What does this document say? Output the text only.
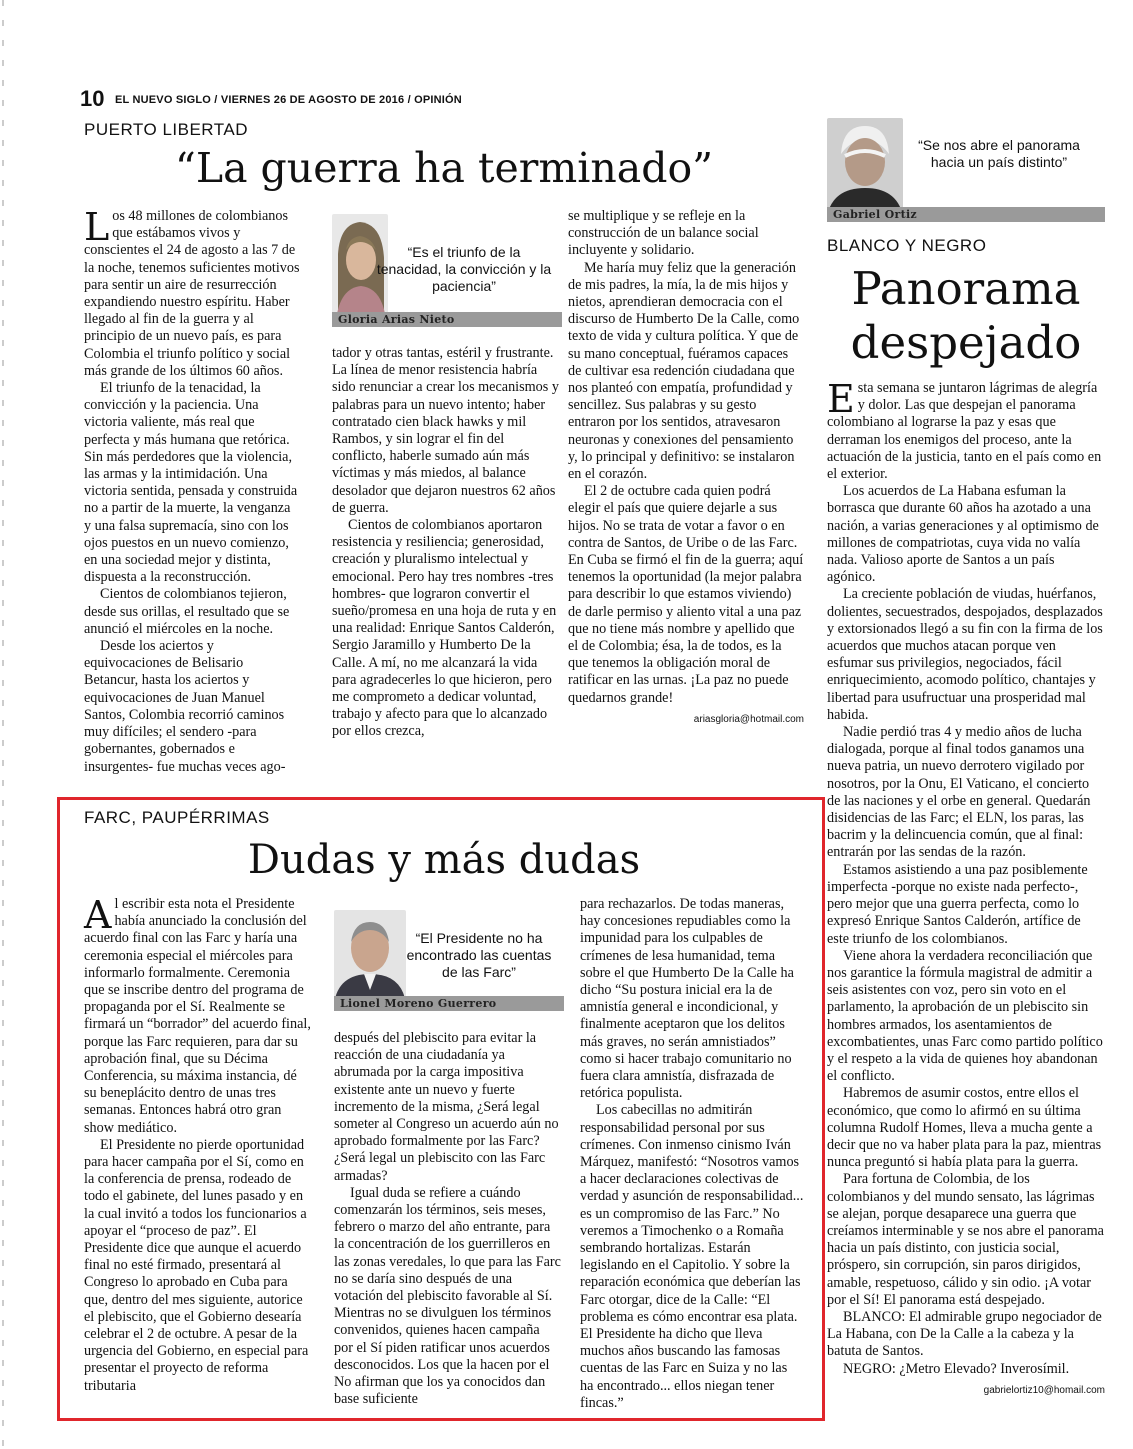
10 EL NUEVO SIGLO / VIERNES 26 DE AGOSTO DE 2016 / OPINIÓN
PUERTO LIBERTAD
“La guerra ha terminado”

Los 48 millones de colombianos que estábamos vivos y conscientes el 24 de agosto a las 7 de la noche, tenemos suficientes motivos para sentir un aire de resurrección expandiendo nuestro espíritu. Haber llegado al fin de la guerra y al principio de un nuevo país, es para Colombia el triunfo político y social más grande de los últimos 60 años.

El triunfo de la tenacidad, la convicción y la paciencia. Una victoria valiente, más real que perfecta y más humana que retórica. Sin más perdedores que la violencia, las armas y la intimidación. Una victoria sentida, pensada y construida no a partir de la muerte, la venganza y una falsa supremacía, sino con los ojos puestos en un nuevo comienzo, en una sociedad mejor y distinta, dispuesta a la reconstrucción.

Cientos de colombianos tejieron, desde sus orillas, el resultado que se anunció el miércoles en la noche.

Desde los aciertos y equivocaciones de Belisario Betancur, hasta los aciertos y equivocaciones de Juan Manuel Santos, Colombia recorrió caminos muy difíciles; el sendero -para gobernantes, gobernados e insurgentes- fue muchas veces ago-

“Es el triunfo de la tenacidad, la convicción y la paciencia”
Gloria Arias Nieto

tador y otras tantas, estéril y frustrante. La línea de menor resistencia habría sido renunciar a crear los mecanismos y palabras para un nuevo intento; haber contratado cien black hawks y mil Rambos, y sin lograr el fin del conflicto, haberle sumado aún más víctimas y más miedos, al balance desolador que dejaron nuestros 62 años de guerra.

Cientos de colombianos aportaron resistencia y resiliencia; generosidad, creación y pluralismo intelectual y emocional. Pero hay tres nombres -tres hombres- que lograron convertir el sueño/promesa en una hoja de ruta y en una realidad: Enrique Santos Calderón, Sergio Jaramillo y Humberto De la Calle. A mí, no me alcanzará la vida para agradecerles lo que hicieron, pero me comprometo a dedicar voluntad, trabajo y afecto para que lo alcanzado por ellos crezca,

se multiplique y se refleje en la construcción de un balance social incluyente y solidario.

Me haría muy feliz que la generación de mis padres, la mía, la de mis hijos y nietos, aprendieran democracia con el discurso de Humberto De la Calle, como texto de vida y cultura política. Y que de su mano conceptual, fuéramos capaces de cultivar esa redención ciudadana que nos planteó con empatía, profundidad y sencillez. Sus palabras y su gesto entraron por los sentidos, atravesaron neuronas y conexiones del pensamiento y, lo principal y definitivo: se instalaron en el corazón.

El 2 de octubre cada quien podrá elegir el país que quiere dejarle a sus hijos. No se trata de votar a favor o en contra de Santos, de Uribe o de las Farc. En Cuba se firmó el fin de la guerra; aquí tenemos la oportunidad (la mejor palabra para describir lo que estamos viviendo) de darle permiso y aliento vital a una paz que no tiene más nombre y apellido que el de Colombia; ésa, la de todos, es la que tenemos la obligación moral de ratificar en las urnas. ¡La paz no puede quedarnos grande!

ariasgloria@hotmail.com

“Se nos abre el panorama hacia un país distinto”
Gabriel Ortiz
BLANCO Y NEGRO
Panorama
despejado

Esta semana se juntaron lágrimas de alegría y dolor. Las que despejan el panorama colombiano al lograrse la paz y esas que derraman los enemigos del proceso, ante la actuación de la justicia, tanto en el país como en el exterior.

Los acuerdos de La Habana esfuman la borrasca que durante 60 años ha azotado a una nación, a varias generaciones y al optimismo de millones de compatriotas, cuya vida no valía nada. Valioso aporte de Santos a un país agónico.

La creciente población de viudas, huérfanos, dolientes, secuestrados, despojados, desplazados y extorsionados llegó a su fin con la firma de los acuerdos que muchos atacan porque ven esfumar sus privilegios, negociados, fácil enriquecimiento, acomodo político, chantajes y libertad para usufructuar una prosperidad mal habida.

Nadie perdió tras 4 y medio años de lucha dialogada, porque al final todos ganamos una nueva patria, un nuevo derrotero vigilado por nosotros, por la Onu, El Vaticano, el concierto de las naciones y el orbe en general. Quedarán disidencias de las Farc; el ELN, los paras, las bacrim y la delincuencia común, que al final: entrarán por las sendas de la razón.

Estamos asistiendo a una paz posiblemente imperfecta -porque no existe nada perfecto-, pero mejor que una guerra perfecta, como lo expresó Enrique Santos Calderón, artífice de este triunfo de los colombianos.

Viene ahora la verdadera reconciliación que nos garantice la fórmula magistral de admitir a seis asistentes con voz, pero sin voto en el parlamento, la aprobación de un plebiscito sin hombres armados, los asentamientos de excombatientes, unas Farc como partido político y el respeto a la vida de quienes hoy abandonan el conflicto.

Habremos de asumir costos, entre ellos el económico, que como lo afirmó en su última columna Rudolf Homes, lleva a mucha gente a decir que no va haber plata para la paz, mientras nunca preguntó si había plata para la guerra.

Para fortuna de Colombia, de los colombianos y del mundo sensato, las lágrimas se alejan, porque desaparece una guerra que creíamos interminable y se nos abre el panorama hacia un país distinto, con justicia social, próspero, sin corrupción, sin paros dirigidos, amable, respetuoso, cálido y sin odio. ¡A votar por el Sí! El panorama está despejado.

BLANCO: El admirable grupo negociador de La Habana, con De la Calle a la cabeza y la batuta de Santos.

NEGRO: ¿Metro Elevado? Inverosímil.

gabrielortiz10@homail.com

FARC, PAUPÉRRIMAS
Dudas y más dudas

Al escribir esta nota el Presidente había anunciado la conclusión del acuerdo final con las Farc y haría una ceremonia especial el miércoles para informarlo formalmente. Ceremonia que se inscribe dentro del programa de propaganda por el Sí. Realmente se firmará un “borrador” del acuerdo final, porque las Farc requieren, para dar su aprobación final, que su Décima Conferencia, su máxima instancia, dé su beneplácito dentro de unas tres semanas. Entonces habrá otro gran show mediático.

El Presidente no pierde oportunidad para hacer campaña por el Sí, como en la conferencia de prensa, rodeado de todo el gabinete, del lunes pasado y en la cual invitó a todos los funcionarios a apoyar el “proceso de paz”. El Presidente dice que aunque el acuerdo final no esté firmado, presentará al Congreso lo aprobado en Cuba para que, dentro del mes siguiente, autorice el plebiscito, que el Gobierno desearía celebrar el 2 de octubre. A pesar de la urgencia del Gobierno, en especial para presentar el proyecto de reforma tributaria

“El Presidente no ha encontrado las cuentas de las Farc”
Lionel Moreno Guerrero

después del plebiscito para evitar la reacción de una ciudadanía ya abrumada por la carga impositiva existente ante un nuevo y fuerte incremento de la misma, ¿Será legal someter al Congreso un acuerdo aún no aprobado formalmente por las Farc? ¿Será legal un plebiscito con las Farc armadas?

Igual duda se refiere a cuándo comenzarán los términos, seis meses, febrero o marzo del año entrante, para la concentración de los guerrilleros en las zonas veredales, lo que para las Farc no se daría sino después de una votación del plebiscito favorable al Sí. Mientras no se divulguen los términos convenidos, quienes hacen campaña por el Sí piden ratificar unos acuerdos desconocidos. Los que la hacen por el No afirman que los ya conocidos dan base suficiente

para rechazarlos. De todas maneras, hay concesiones repudiables como la impunidad para los culpables de crímenes de lesa humanidad, tema sobre el que Humberto De la Calle ha dicho “Su postura inicial era la de amnistía general e incondicional, y finalmente aceptaron que los delitos más graves, no serán amnistiados” como si hacer trabajo comunitario no fuera clara amnistía, disfrazada de retórica populista.

Los cabecillas no admitirán responsabilidad personal por sus crímenes. Con inmenso cinismo Iván Márquez, manifestó: “Nosotros vamos a hacer declaraciones colectivas de verdad y asunción de responsabilidad... es un compromiso de las Farc.” No veremos a Timochenko o a Romaña sembrando hortalizas. Estarán legislando en el Capitolio. Y sobre la reparación económica que deberían las Farc otorgar, dice de la Calle: “El problema es cómo encontrar esa plata. El Presidente ha dicho que lleva muchos años buscando las famosas cuentas de las Farc en Suiza y no las ha encontrado... ellos niegan tener fincas.”
